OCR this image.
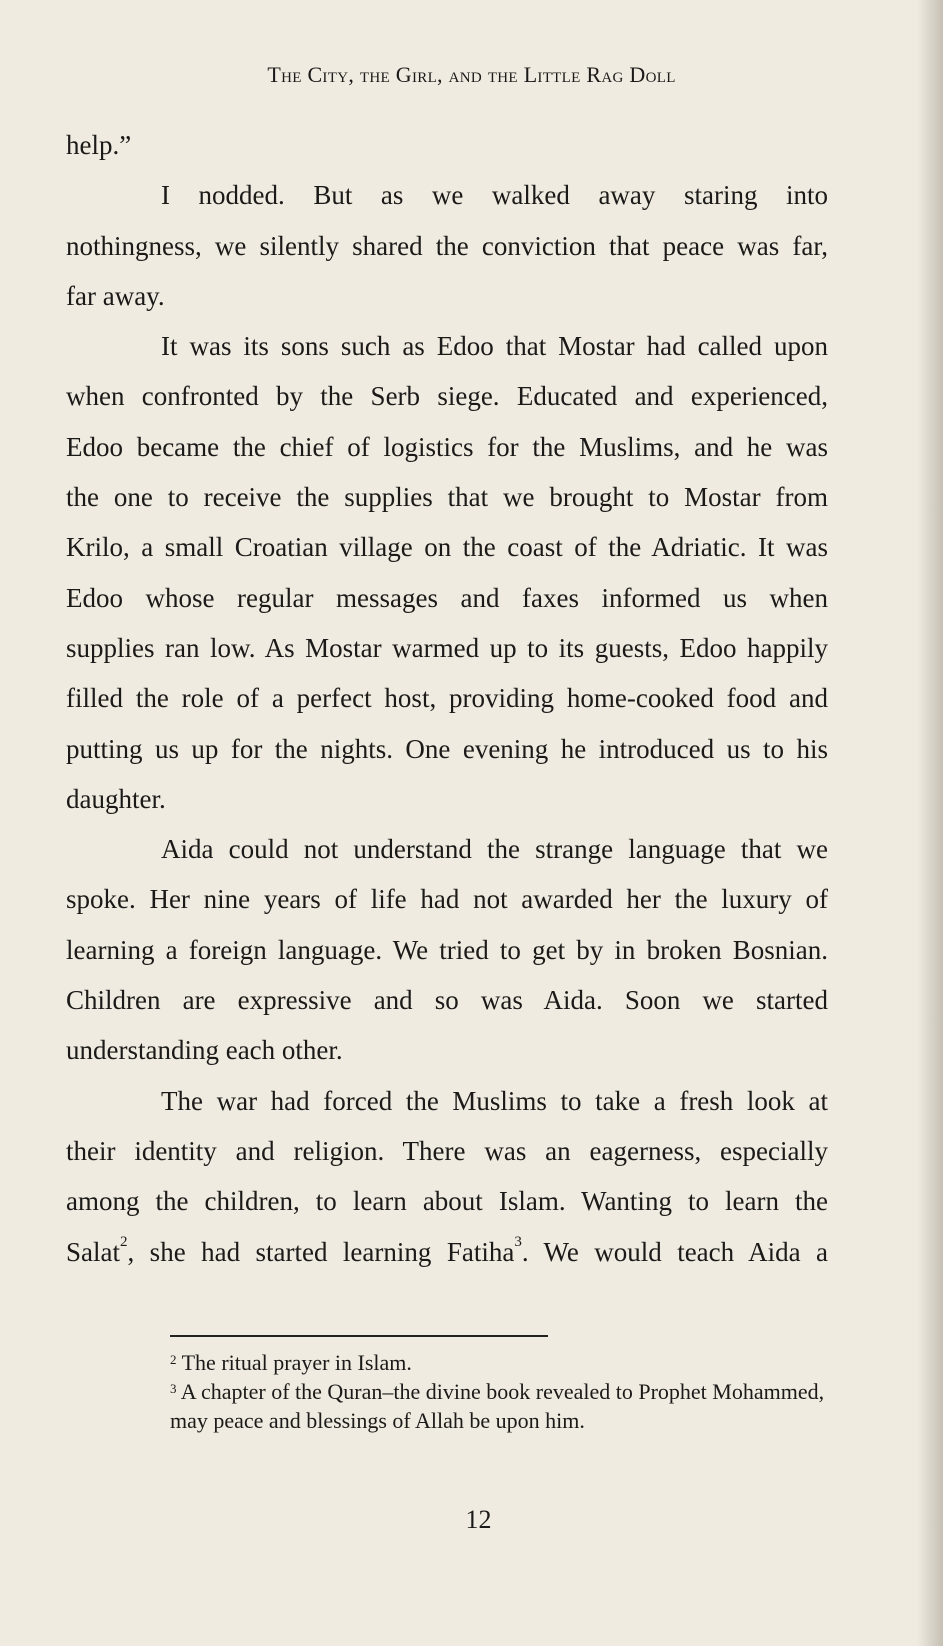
The City, the Girl, and the Little Rag Doll
help.”
I nodded. But as we walked away staring into
nothingness, we silently shared the conviction that peace was far,
far away.
It was its sons such as Edoo that Mostar had called upon
when confronted by the Serb siege. Educated and experienced,
Edoo became the chief of logistics for the Muslims, and he was
the one to receive the supplies that we brought to Mostar from
Krilo, a small Croatian village on the coast of the Adriatic. It was
Edoo whose regular messages and faxes informed us when
supplies ran low. As Mostar warmed up to its guests, Edoo happily
filled the role of a perfect host, providing home-cooked food and
putting us up for the nights. One evening he introduced us to his
daughter.
Aida could not understand the strange language that we
spoke. Her nine years of life had not awarded her the luxury of
learning a foreign language. We tried to get by in broken Bosnian.
Children are expressive and so was Aida. Soon we started
understanding each other.
The war had forced the Muslims to take a fresh look at
their identity and religion. There was an eagerness, especially
among the children, to learn about Islam. Wanting to learn the
Salat$^2$, she had started learning Fatiha$^3$. We would teach Aida a
$^2$ The ritual prayer in Islam.
$^3$ A chapter of the Quran–the divine book revealed to Prophet Mohammed, may peace and blessings of Allah be upon him.
12
